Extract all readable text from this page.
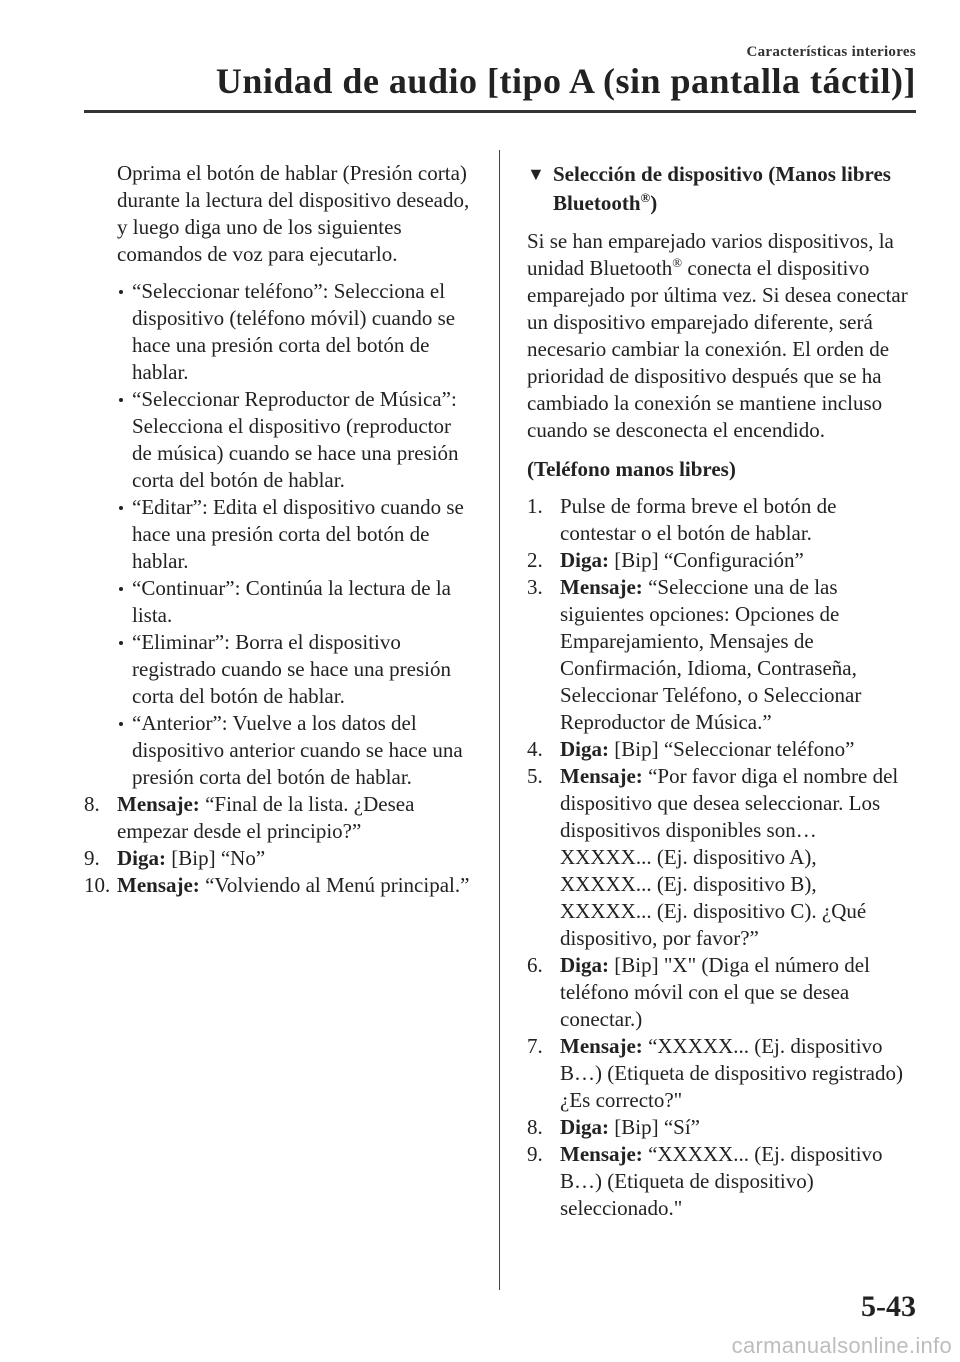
Características interiores
Unidad de audio [tipo A (sin pantalla táctil)]

Oprima el botón de hablar (Presión corta) durante la lectura del dispositivo deseado, y luego diga uno de los siguientes comandos de voz para ejecutarlo.

“Seleccionar teléfono”: Selecciona el dispositivo (teléfono móvil) cuando se hace una presión corta del botón de hablar.
“Seleccionar Reproductor de Música”: Selecciona el dispositivo (reproductor de música) cuando se hace una presión corta del botón de hablar.
“Editar”: Edita el dispositivo cuando se hace una presión corta del botón de hablar.
“Continuar”: Continúa la lectura de la lista.
“Eliminar”: Borra el dispositivo registrado cuando se hace una presión corta del botón de hablar.
“Anterior”: Vuelve a los datos del dispositivo anterior cuando se hace una presión corta del botón de hablar.
8. Mensaje: “Final de la lista. ¿Desea empezar desde el principio?”
9. Diga: [Bip] “No”
10. Mensaje: “Volviendo al Menú principal.”
▼ Selección de dispositivo (Manos libres Bluetooth®)

Si se han emparejado varios dispositivos, la unidad Bluetooth® conecta el dispositivo emparejado por última vez. Si desea conectar un dispositivo emparejado diferente, será necesario cambiar la conexión. El orden de prioridad de dispositivo después que se ha cambiado la conexión se mantiene incluso cuando se desconecta el encendido.

(Teléfono manos libres)

1. Pulse de forma breve el botón de contestar o el botón de hablar.
2. Diga: [Bip] “Configuración”
3. Mensaje: “Seleccione una de las siguientes opciones: Opciones de Emparejamiento, Mensajes de Confirmación, Idioma, Contraseña, Seleccionar Teléfono, o Seleccionar Reproductor de Música.”
4. Diga: [Bip] “Seleccionar teléfono”
5. Mensaje: “Por favor diga el nombre del dispositivo que desea seleccionar. Los dispositivos disponibles son… XXXXX... (Ej. dispositivo A), XXXXX... (Ej. dispositivo B), XXXXX... (Ej. dispositivo C). ¿Qué dispositivo, por favor?”
6. Diga: [Bip] "X" (Diga el número del teléfono móvil con el que se desea conectar.)
7. Mensaje: “XXXXX... (Ej. dispositivo B…) (Etiqueta de dispositivo registrado) ¿Es correcto?"
8. Diga: [Bip] “Sí”
9. Mensaje: “XXXXX... (Ej. dispositivo B…) (Etiqueta de dispositivo) seleccionado."
5-43
carmanualsonline.info
